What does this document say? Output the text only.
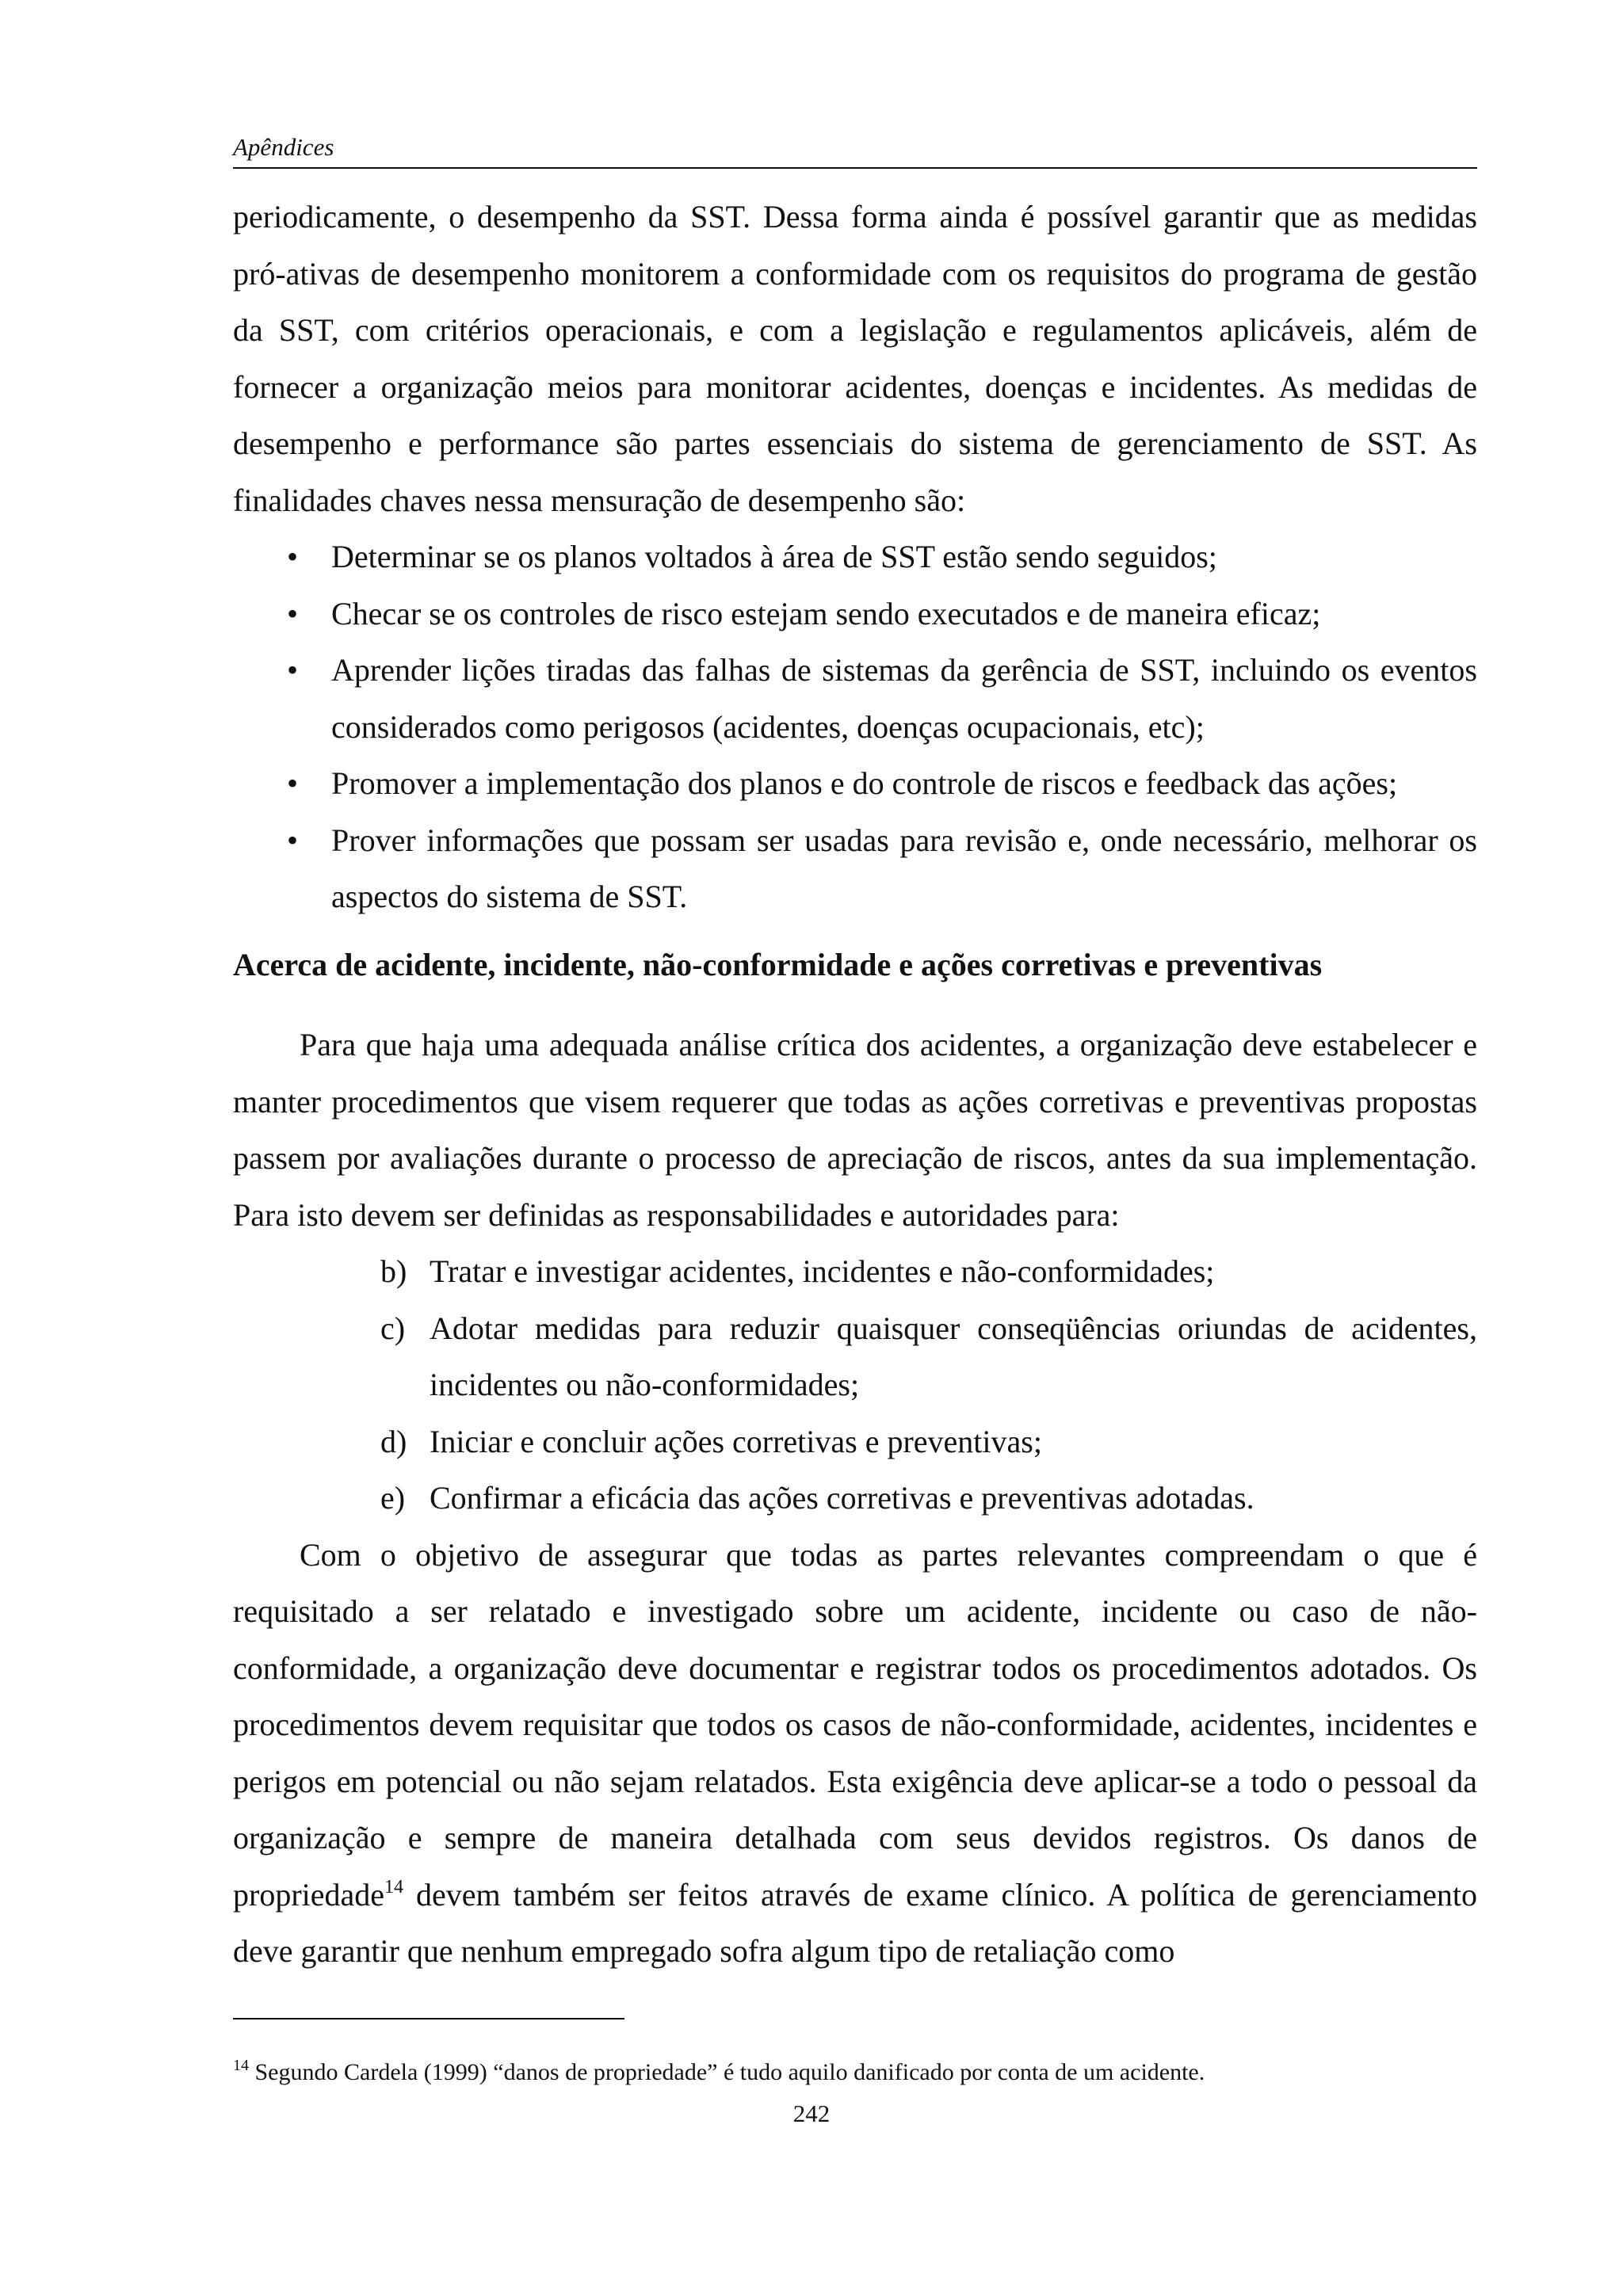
Apêndices

periodicamente, o desempenho da SST. Dessa forma ainda é possível garantir que as medidas pró-ativas de desempenho monitorem a conformidade com os requisitos do programa de gestão da SST, com critérios operacionais, e com a legislação e regulamentos aplicáveis, além de fornecer a organização meios para monitorar acidentes, doenças e incidentes. As medidas de desempenho e performance são partes essenciais do sistema de gerenciamento de SST. As finalidades chaves nessa mensuração de desempenho são:

• Determinar se os planos voltados à área de SST estão sendo seguidos;
• Checar se os controles de risco estejam sendo executados e de maneira eficaz;
• Aprender lições tiradas das falhas de sistemas da gerência de SST, incluindo os eventos considerados como perigosos (acidentes, doenças ocupacionais, etc);
• Promover a implementação dos planos e do controle de riscos e feedback das ações;
• Prover informações que possam ser usadas para revisão e, onde necessário, melhorar os aspectos do sistema de SST.

Acerca de acidente, incidente, não-conformidade e ações corretivas e preventivas

Para que haja uma adequada análise crítica dos acidentes, a organização deve estabelecer e manter procedimentos que visem requerer que todas as ações corretivas e preventivas propostas passem por avaliações durante o processo de apreciação de riscos, antes da sua implementação. Para isto devem ser definidas as responsabilidades e autoridades para:

b) Tratar e investigar acidentes, incidentes e não-conformidades;
c) Adotar medidas para reduzir quaisquer conseqüências oriundas de acidentes, incidentes ou não-conformidades;
d) Iniciar e concluir ações corretivas e preventivas;
e) Confirmar a eficácia das ações corretivas e preventivas adotadas.

Com o objetivo de assegurar que todas as partes relevantes compreendam o que é requisitado a ser relatado e investigado sobre um acidente, incidente ou caso de não-conformidade, a organização deve documentar e registrar todos os procedimentos adotados. Os procedimentos devem requisitar que todos os casos de não-conformidade, acidentes, incidentes e perigos em potencial ou não sejam relatados. Esta exigência deve aplicar-se a todo o pessoal da organização e sempre de maneira detalhada com seus devidos registros. Os danos de propriedade$^{14}$ devem também ser feitos através de exame clínico. A política de gerenciamento deve garantir que nenhum empregado sofra algum tipo de retaliação como

$^{14}$ Segundo Cardela (1999) “danos de propriedade” é tudo aquilo danificado por conta de um acidente.
242
